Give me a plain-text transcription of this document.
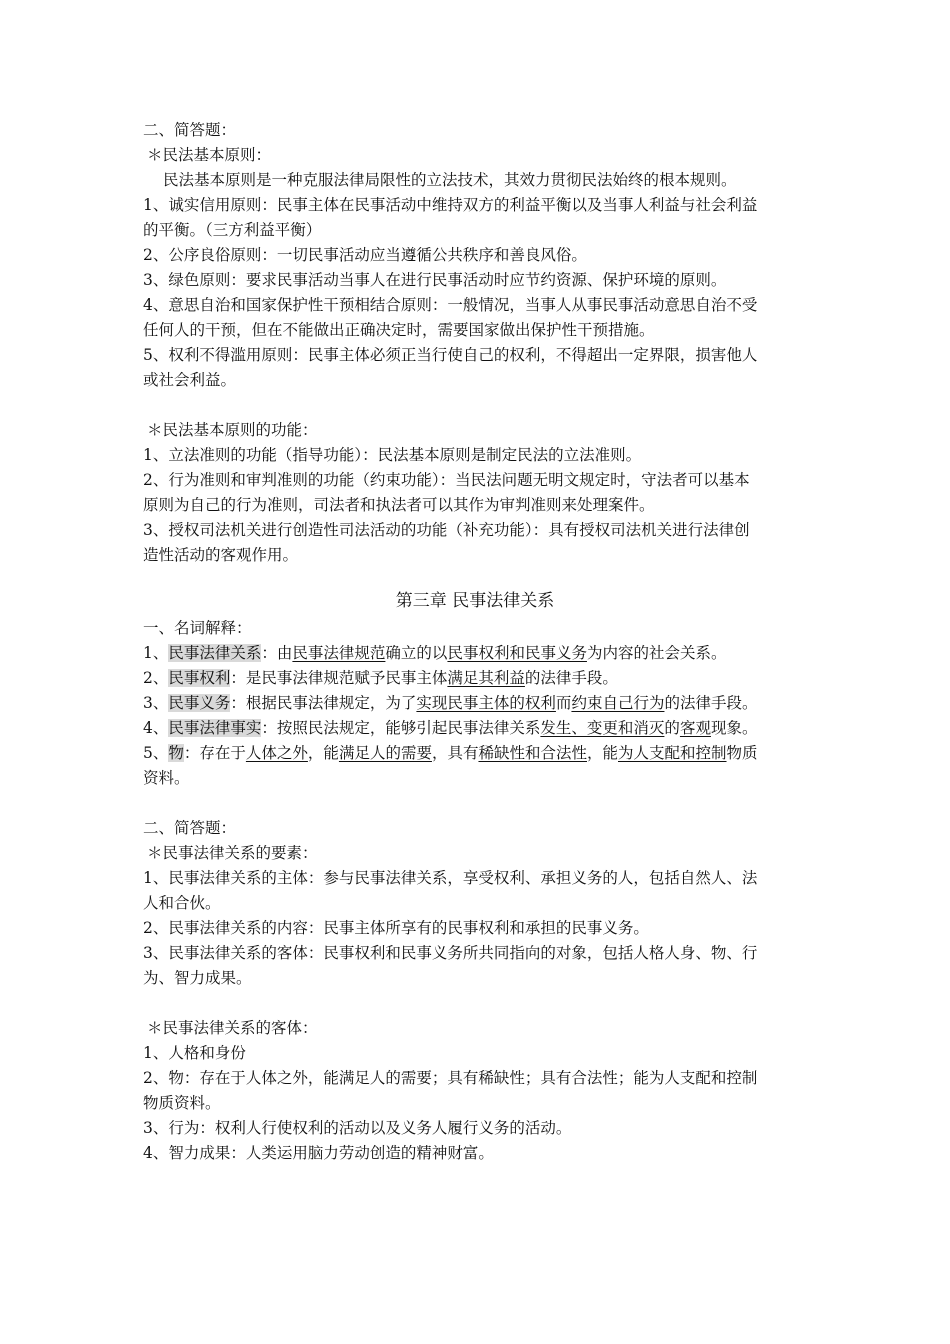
二、简答题：
＊民法基本原则：
民法基本原则是一种克服法律局限性的立法技术，其效力贯彻民法始终的根本规则。
1、诚实信用原则：民事主体在民事活动中维持双方的利益平衡以及当事人利益与社会利益
的平衡。（三方利益平衡）
2、公序良俗原则：一切民事活动应当遵循公共秩序和善良风俗。
3、绿色原则：要求民事活动当事人在进行民事活动时应节约资源、保护环境的原则。
4、意思自治和国家保护性干预相结合原则：一般情况，当事人从事民事活动意思自治不受
任何人的干预，但在不能做出正确决定时，需要国家做出保护性干预措施。
5、权利不得滥用原则：民事主体必须正当行使自己的权利，不得超出一定界限，损害他人
或社会利益。
＊民法基本原则的功能：
1、立法准则的功能（指导功能）：民法基本原则是制定民法的立法准则。
2、行为准则和审判准则的功能（约束功能）：当民法问题无明文规定时，守法者可以基本
原则为自己的行为准则，司法者和执法者可以其作为审判准则来处理案件。
3、授权司法机关进行创造性司法活动的功能（补充功能）：具有授权司法机关进行法律创
造性活动的客观作用。
第三章 民事法律关系
一、名词解释：
1、民事法律关系：由民事法律规范确立的以民事权利和民事义务为内容的社会关系。
2、民事权利：是民事法律规范赋予民事主体满足其利益的法律手段。
3、民事义务：根据民事法律规定，为了实现民事主体的权利而约束自己行为的法律手段。
4、民事法律事实：按照民法规定，能够引起民事法律关系发生、变更和消灭的客观现象。
5、物：存在于人体之外，能满足人的需要，具有稀缺性和合法性，能为人支配和控制物质
资料。
二、简答题：
＊民事法律关系的要素：
1、民事法律关系的主体：参与民事法律关系，享受权利、承担义务的人，包括自然人、法
人和合伙。
2、民事法律关系的内容：民事主体所享有的民事权利和承担的民事义务。
3、民事法律关系的客体：民事权利和民事义务所共同指向的对象，包括人格人身、物、行
为、智力成果。
＊民事法律关系的客体：
1、人格和身份
2、物：存在于人体之外，能满足人的需要；具有稀缺性；具有合法性；能为人支配和控制
物质资料。
3、行为：权利人行使权利的活动以及义务人履行义务的活动。
4、智力成果：人类运用脑力劳动创造的精神财富。
